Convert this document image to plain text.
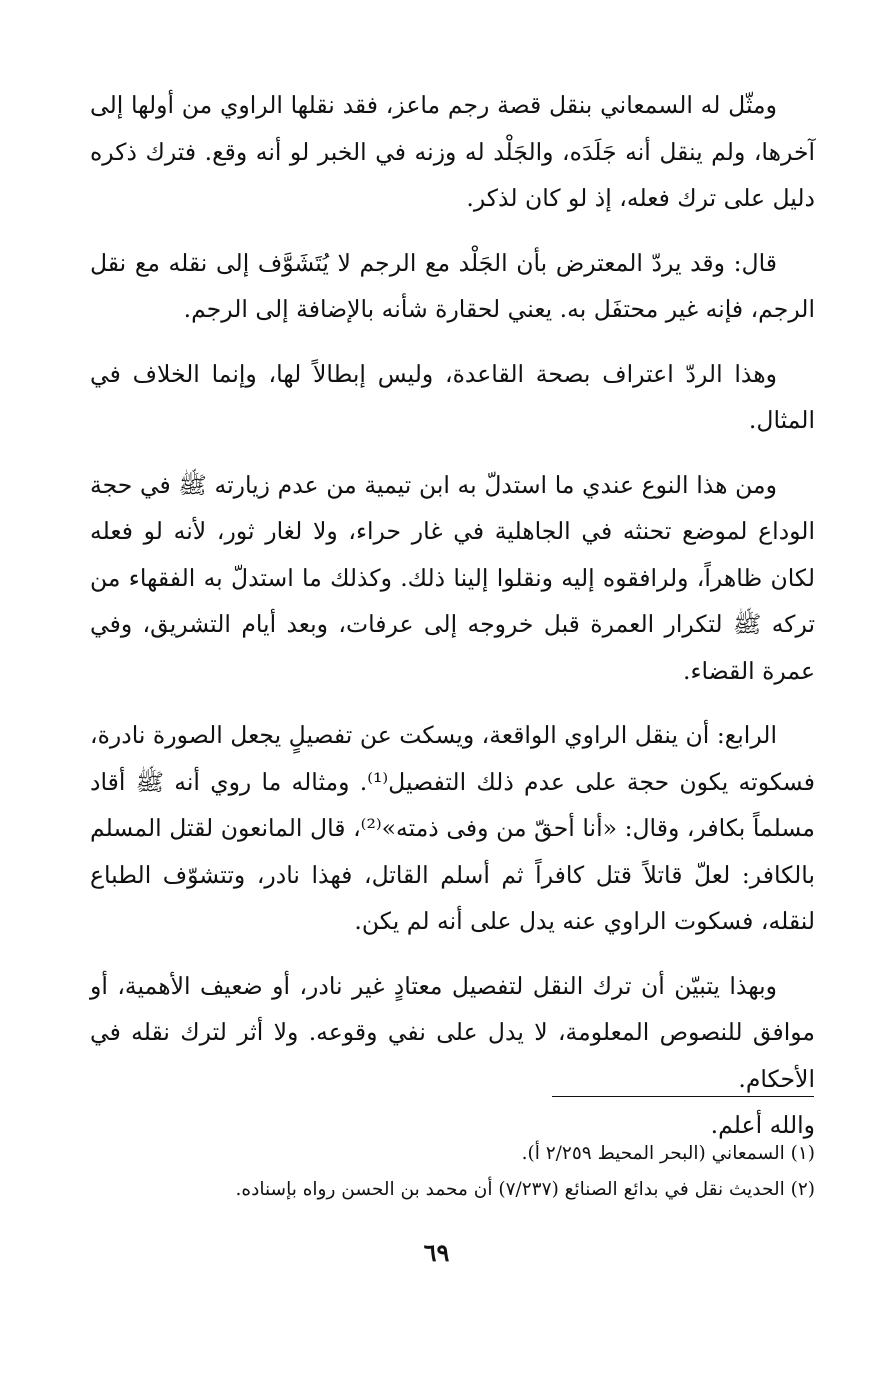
ومثّل له السمعاني بنقل قصة رجم ماعز، فقد نقلها الراوي من أولها إلى آخرها، ولم ينقل أنه جَلَدَه، والجَلْد له وزنه في الخبر لو أنه وقع. فترك ذكره دليل على ترك فعله، إذ لو كان لذكر.

قال: وقد يردّ المعترض بأن الجَلْد مع الرجم لا يُتَشَوَّف إلى نقله مع نقل الرجم، فإنه غير محتفَل به. يعني لحقارة شأنه بالإضافة إلى الرجم.

وهذا الردّ اعتراف بصحة القاعدة، وليس إبطالاً لها، وإنما الخلاف في المثال.

ومن هذا النوع عندي ما استدلّ به ابن تيمية من عدم زيارته ﷺ في حجة الوداع لموضع تحنثه في الجاهلية في غار حراء، ولا لغار ثور، لأنه لو فعله لكان ظاهراً، ولرافقوه إليه ونقلوا إلينا ذلك. وكذلك ما استدلّ به الفقهاء من تركه ﷺ لتكرار العمرة قبل خروجه إلى عرفات، وبعد أيام التشريق، وفي عمرة القضاء.

الرابع: أن ينقل الراوي الواقعة، ويسكت عن تفصيلٍ يجعل الصورة نادرة، فسكوته يكون حجة على عدم ذلك التفصيل⁽¹⁾. ومثاله ما روي أنه ﷺ أقاد مسلماً بكافر، وقال: «أنا أحقّ من وفى ذمته»⁽²⁾، قال المانعون لقتل المسلم بالكافر: لعلّ قاتلاً قتل كافراً ثم أسلم القاتل، فهذا نادر، وتتشوّف الطباع لنقله، فسكوت الراوي عنه يدل على أنه لم يكن.

وبهذا يتبيّن أن ترك النقل لتفصيل معتادٍ غير نادر، أو ضعيف الأهمية، أو موافق للنصوص المعلومة، لا يدل على نفي وقوعه. ولا أثر لترك نقله في الأحكام.

والله أعلم.

(١) السمعاني (البحر المحيط ٢/٢٥٩ أ).

(٢) الحديث نقل في بدائع الصنائع (٧/٢٣٧) أن محمد بن الحسن رواه بإسناده.

٦٩
